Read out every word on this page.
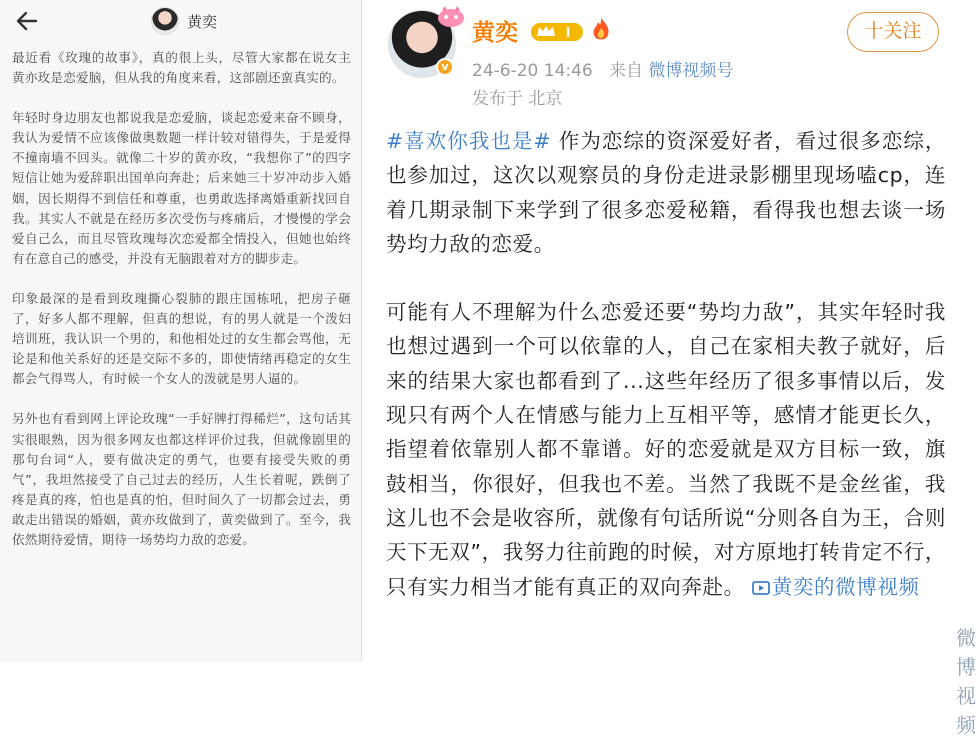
黄奕

最近看《玫瑰的故事》，真的很上头，尽管大家都在说女主黄亦玫是恋爱脑，但从我的角度来看，这部剧还蛮真实的。

年轻时身边朋友也都说我是恋爱脑，谈起恋爱来奋不顾身，我认为爱情不应该像做奥数题一样计较对错得失，于是爱得不撞南墙不回头。就像二十岁的黄亦玫，“我想你了”的四字短信让她为爱辞职出国单向奔赴；后来她三十岁冲动步入婚姻，因长期得不到信任和尊重，也勇敢选择离婚重新找回自我。其实人不就是在经历多次受伤与疼痛后，才慢慢的学会爱自己么，而且尽管玫瑰每次恋爱都全情投入，但她也始终有在意自己的感受，并没有无脑跟着对方的脚步走。

印象最深的是看到玫瑰撕心裂肺的跟庄国栋吼，把房子砸了，好多人都不理解，但真的想说，有的男人就是一个泼妇培训班，我认识一个男的，和他相处过的女生都会骂他，无论是和他关系好的还是交际不多的，即使情绪再稳定的女生都会气得骂人，有时候一个女人的泼就是男人逼的。

另外也有看到网上评论玫瑰“一手好牌打得稀烂”，这句话其实很眼熟，因为很多网友也都这样评价过我，但就像剧里的那句台词“人，要有做决定的勇气，也要有接受失败的勇气”，我坦然接受了自己过去的经历，人生长着呢，跌倒了疼是真的疼，怕也是真的怕，但时间久了一切都会过去，勇敢走出错误的婚姻，黄亦玫做到了，黄奕做到了。至今，我依然期待爱情，期待一场势均力敌的恋爱。

v
黄奕	I	十关注
24-6-20 14:46 来自 微博视频号
发布于 北京

#喜欢你我也是# 作为恋综的资深爱好者，看过很多恋综，也参加过，这次以观察员的身份走进录影棚里现场嗑cp，连着几期录制下来学到了很多恋爱秘籍，看得我也想去谈一场势均力敌的恋爱。

可能有人不理解为什么恋爱还要“势均力敌”，其实年轻时我也想过遇到一个可以依靠的人，自己在家相夫教子就好，后来的结果大家也都看到了...这些年经历了很多事情以后，发现只有两个人在情感与能力上互相平等，感情才能更长久，指望着依靠别人都不靠谱。好的恋爱就是双方目标一致，旗鼓相当，你很好，但我也不差。当然了我既不是金丝雀，我这儿也不会是收容所，就像有句话所说“分则各自为王，合则天下无双”，我努力往前跑的时候，对方原地打转肯定不行，只有实力相当才能有真正的双向奔赴。 黄奕的微博视频

微博视频
